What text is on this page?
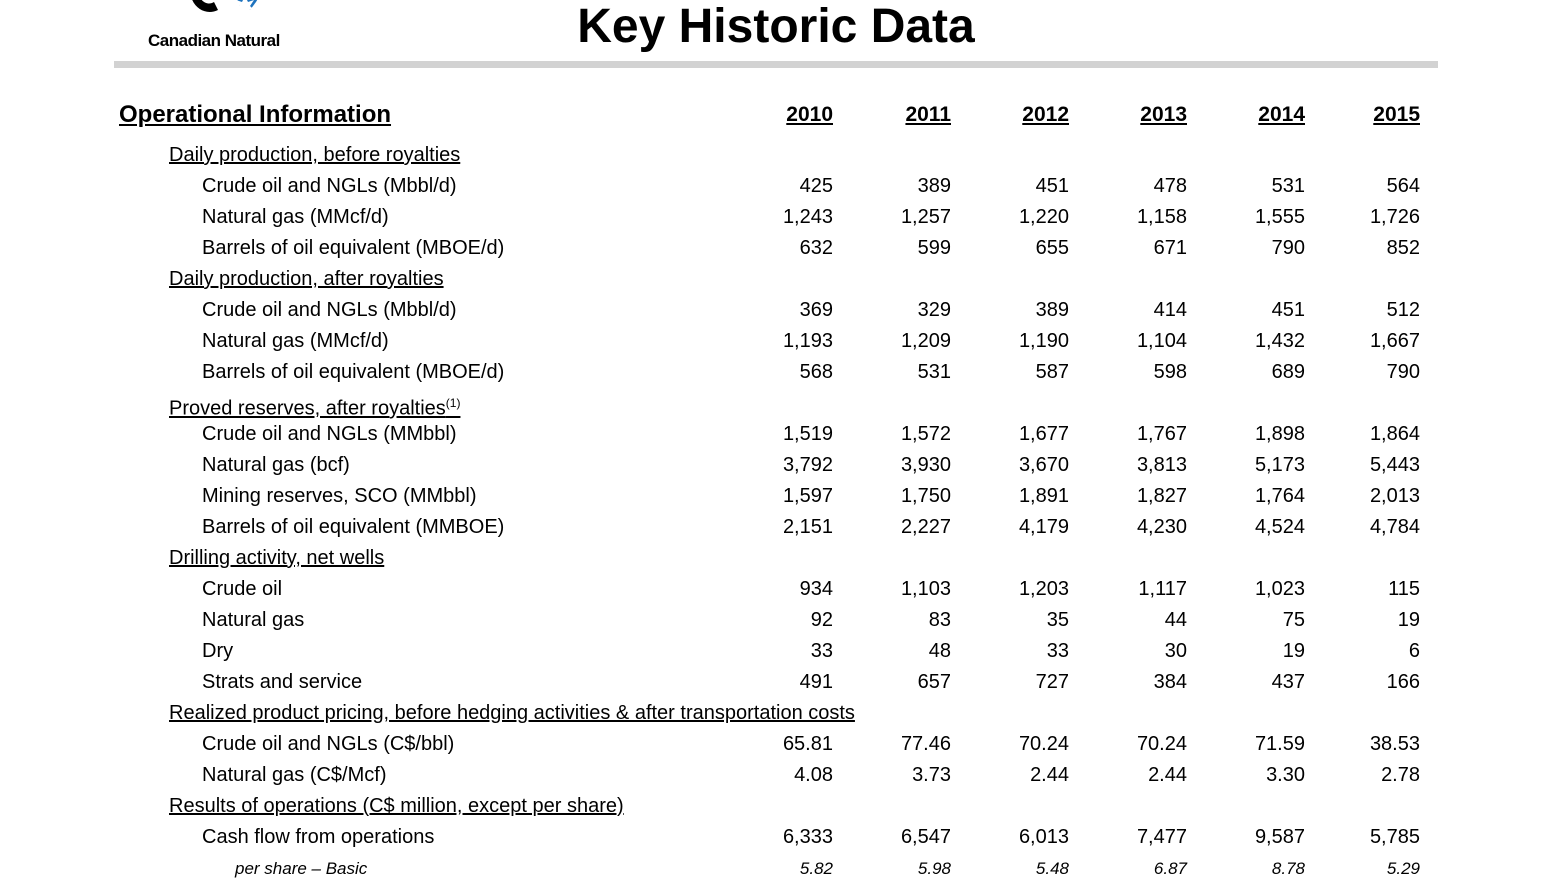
Canadian Natural	Key Historic Data
Operational Information	2010	2011	2012	2013	2014	2015
Daily production, before royalties
Crude oil and NGLs (Mbbl/d)	425	389	451	478	531	564
Natural gas (MMcf/d)	1,243	1,257	1,220	1,158	1,555	1,726
Barrels of oil equivalent (MBOE/d)	632	599	655	671	790	852
Daily production, after royalties
Crude oil and NGLs (Mbbl/d)	369	329	389	414	451	512
Natural gas (MMcf/d)	1,193	1,209	1,190	1,104	1,432	1,667
Barrels of oil equivalent (MBOE/d)	568	531	587	598	689	790
Proved reserves, after royalties$^{(1)}$
Crude oil and NGLs (MMbbl)	1,519	1,572	1,677	1,767	1,898	1,864
Natural gas (bcf)	3,792	3,930	3,670	3,813	5,173	5,443
Mining reserves, SCO (MMbbl)	1,597	1,750	1,891	1,827	1,764	2,013
Barrels of oil equivalent (MMBOE)	2,151	2,227	4,179	4,230	4,524	4,784
Drilling activity, net wells
Crude oil	934	1,103	1,203	1,117	1,023	115
Natural gas	92	83	35	44	75	19
Dry	33	48	33	30	19	6
Strats and service	491	657	727	384	437	166
Realized product pricing, before hedging activities & after transportation costs
Crude oil and NGLs (C$/bbl)	65.81	77.46	70.24	70.24	71.59	38.53
Natural gas (C$/Mcf)	4.08	3.73	2.44	2.44	3.30	2.78
Results of operations (C$ million, except per share)
Cash flow from operations	6,333	6,547	6,013	7,477	9,587	5,785
per share – Basic	5.82	5.98	5.48	6.87	8.78	5.29
